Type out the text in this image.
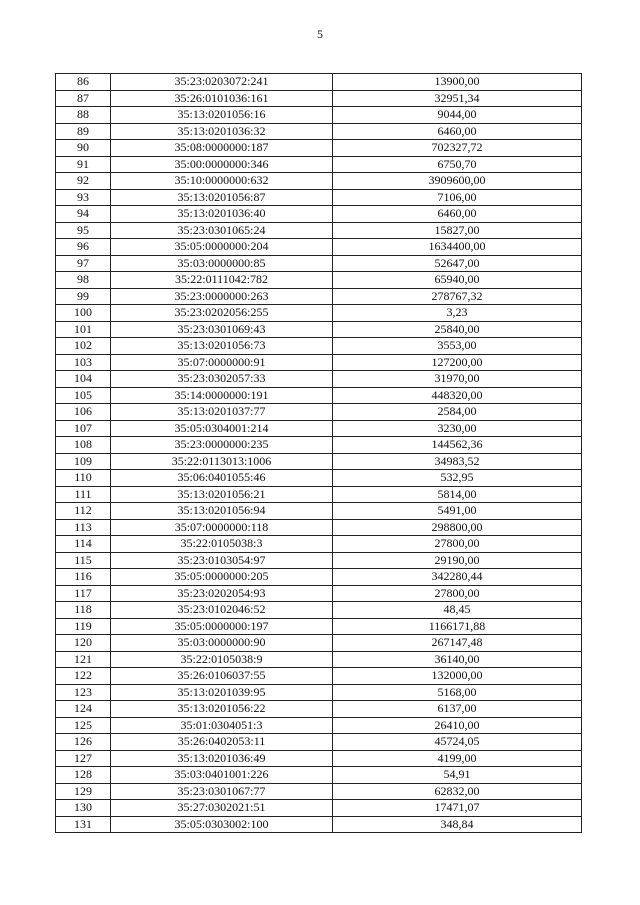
5
86	35:23:0203072:241	13900,00
87	35:26:0101036:161	32951,34
88	35:13:0201056:16	9044,00
89	35:13:0201036:32	6460,00
90	35:08:0000000:187	702327,72
91	35:00:0000000:346	6750,70
92	35:10:0000000:632	3909600,00
93	35:13:0201056:87	7106,00
94	35:13:0201036:40	6460,00
95	35:23:0301065:24	15827,00
96	35:05:0000000:204	1634400,00
97	35:03:0000000:85	52647,00
98	35:22:0111042:782	65940,00
99	35:23:0000000:263	278767,32
100	35:23:0202056:255	3,23
101	35:23:0301069:43	25840,00
102	35:13:0201056:73	3553,00
103	35:07:0000000:91	127200,00
104	35:23:0302057:33	31970,00
105	35:14:0000000:191	448320,00
106	35:13:0201037:77	2584,00
107	35:05:0304001:214	3230,00
108	35:23:0000000:235	144562,36
109	35:22:0113013:1006	34983,52
110	35:06:0401055:46	532,95
111	35:13:0201056:21	5814,00
112	35:13:0201056:94	5491,00
113	35:07:0000000:118	298800,00
114	35:22:0105038:3	27800,00
115	35:23:0103054:97	29190,00
116	35:05:0000000:205	342280,44
117	35:23:0202054:93	27800,00
118	35:23:0102046:52	48,45
119	35:05:0000000:197	1166171,88
120	35:03:0000000:90	267147,48
121	35:22:0105038:9	36140,00
122	35:26:0106037:55	132000,00
123	35:13:0201039:95	5168,00
124	35:13:0201056:22	6137,00
125	35:01:0304051:3	26410,00
126	35:26:0402053:11	45724,05
127	35:13:0201036:49	4199,00
128	35:03:0401001:226	54,91
129	35:23:0301067:77	62832,00
130	35:27:0302021:51	17471,07
131	35:05:0303002:100	348,84
